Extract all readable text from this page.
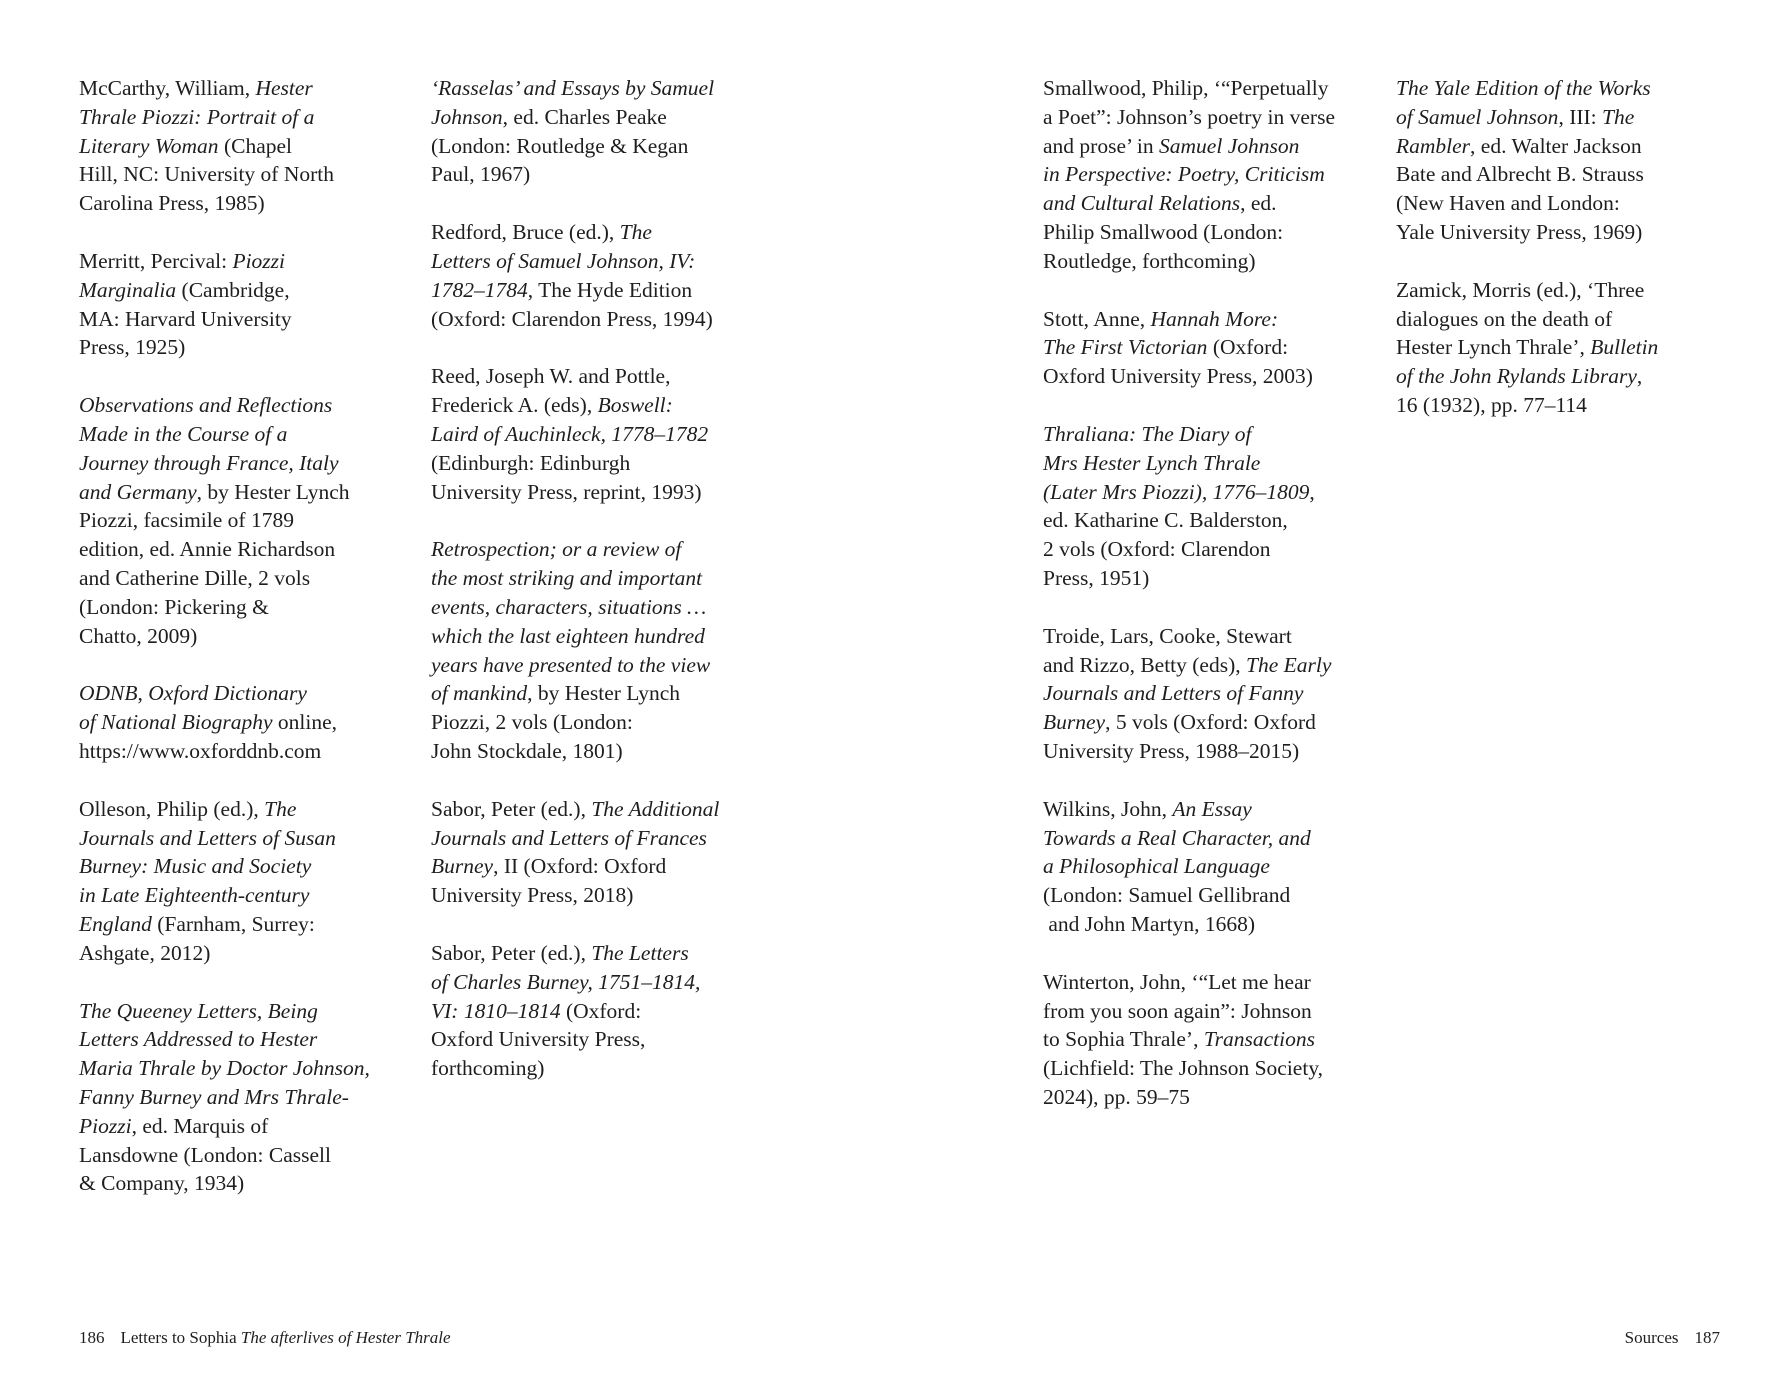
McCarthy, William, Hester
Thrale Piozzi: Portrait of a
Literary Woman (Chapel
Hill, NC: University of North
Carolina Press, 1985)
Merritt, Percival: Piozzi
Marginalia (Cambridge,
MA: Harvard University
Press, 1925)
Observations and Reflections
Made in the Course of a
Journey through France, Italy
and Germany, by Hester Lynch
Piozzi, facsimile of 1789
edition, ed. Annie Richardson
and Catherine Dille, 2 vols
(London: Pickering &
Chatto, 2009)
ODNB, Oxford Dictionary
of National Biography online,
https://www.oxforddnb.com
Olleson, Philip (ed.), The
Journals and Letters of Susan
Burney: Music and Society
in Late Eighteenth-century
England (Farnham, Surrey:
Ashgate, 2012)
The Queeney Letters, Being
Letters Addressed to Hester
Maria Thrale by Doctor Johnson,
Fanny Burney and Mrs Thrale-
Piozzi, ed. Marquis of
Lansdowne (London: Cassell
& Company, 1934)
‘Rasselas’ and Essays by Samuel
Johnson, ed. Charles Peake
(London: Routledge & Kegan
Paul, 1967)
Redford, Bruce (ed.), The
Letters of Samuel Johnson, IV:
1782–1784, The Hyde Edition
(Oxford: Clarendon Press, 1994)
Reed, Joseph W. and Pottle,
Frederick A. (eds), Boswell:
Laird of Auchinleck, 1778–1782
(Edinburgh: Edinburgh
University Press, reprint, 1993)
Retrospection; or a review of
the most striking and important
events, characters, situations …
which the last eighteen hundred
years have presented to the view
of mankind, by Hester Lynch
Piozzi, 2 vols (London:
John Stockdale, 1801)
Sabor, Peter (ed.), The Additional
Journals and Letters of Frances
Burney, II (Oxford: Oxford
University Press, 2018)
Sabor, Peter (ed.), The Letters
of Charles Burney, 1751–1814,
VI: 1810–1814 (Oxford:
Oxford University Press,
forthcoming)
Smallwood, Philip, ‘“Perpetually
a Poet”: Johnson’s poetry in verse
and prose’ in Samuel Johnson
in Perspective: Poetry, Criticism
and Cultural Relations, ed.
Philip Smallwood (London:
Routledge, forthcoming)
Stott, Anne, Hannah More:
The First Victorian (Oxford:
Oxford University Press, 2003)
Thraliana: The Diary of
Mrs Hester Lynch Thrale
(Later Mrs Piozzi), 1776–1809,
ed. Katharine C. Balderston,
2 vols (Oxford: Clarendon
Press, 1951)
Troide, Lars, Cooke, Stewart
and Rizzo, Betty (eds), The Early
Journals and Letters of Fanny
Burney, 5 vols (Oxford: Oxford
University Press, 1988–2015)
Wilkins, John, An Essay
Towards a Real Character, and
a Philosophical Language
(London: Samuel Gellibrand
and John Martyn, 1668)
Winterton, John, ‘“Let me hear
from you soon again”: Johnson
to Sophia Thrale’, Transactions
(Lichfield: The Johnson Society,
2024), pp. 59–75
The Yale Edition of the Works
of Samuel Johnson, III: The
Rambler, ed. Walter Jackson
Bate and Albrecht B. Strauss
(New Haven and London:
Yale University Press, 1969)
Zamick, Morris (ed.), ‘Three
dialogues on the death of
Hester Lynch Thrale’, Bulletin
of the John Rylands Library,
16 (1932), pp. 77–114
186 Letters to Sophia The afterlives of Hester Thrale	Sources 187
